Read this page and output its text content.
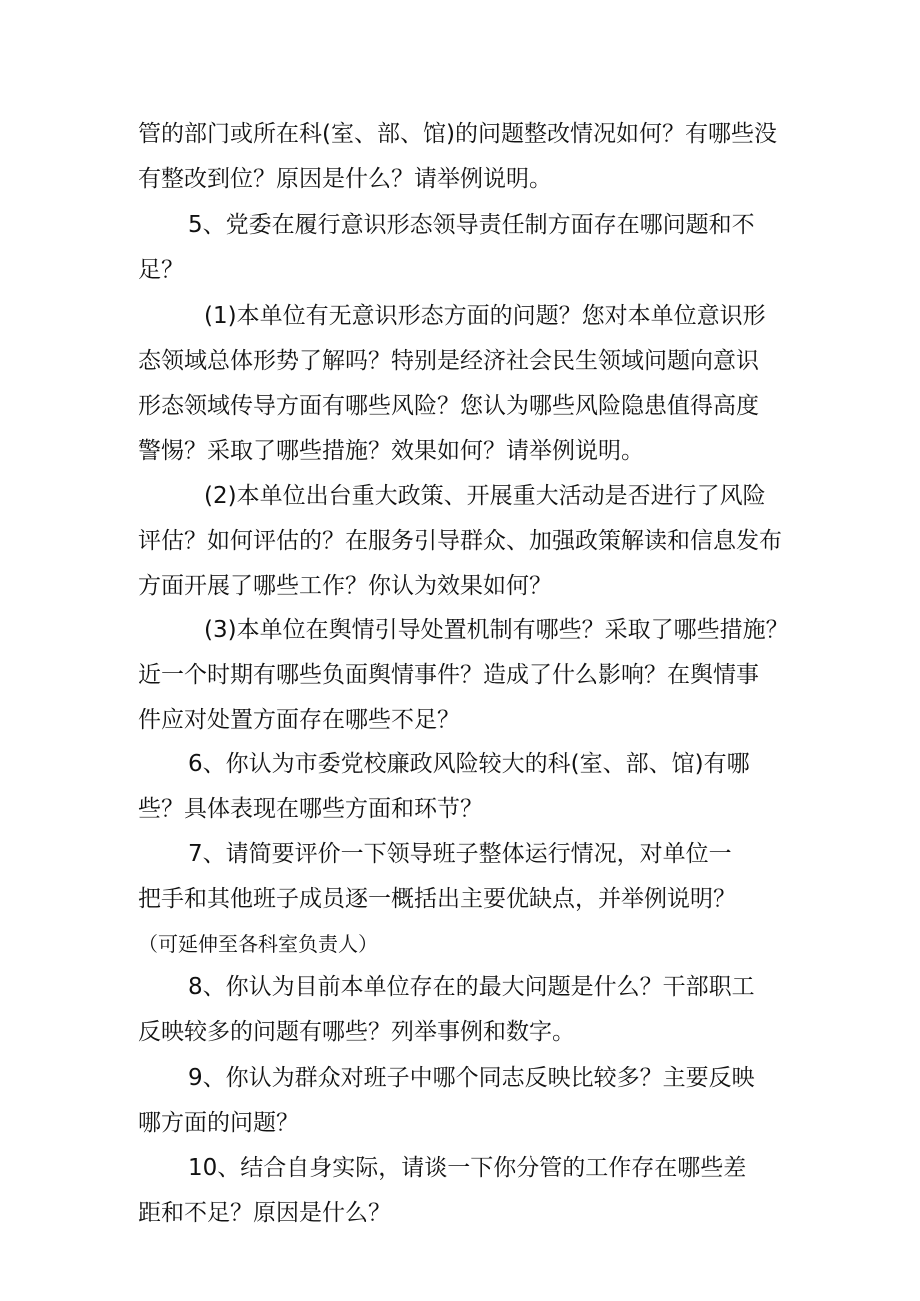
管的部门或所在科(室、部、馆)的问题整改情况如何？有哪些没
有整改到位？原因是什么？请举例说明。

5、党委在履行意识形态领导责任制方面存在哪问题和不
足？

(1)本单位有无意识形态方面的问题？您对本单位意识形
态领域总体形势了解吗？特别是经济社会民生领域问题向意识
形态领域传导方面有哪些风险？您认为哪些风险隐患值得高度
警惕？采取了哪些措施？效果如何？请举例说明。

(2)本单位出台重大政策、开展重大活动是否进行了风险
评估？如何评估的？在服务引导群众、加强政策解读和信息发布
方面开展了哪些工作？你认为效果如何？

(3)本单位在舆情引导处置机制有哪些？采取了哪些措施？
近一个时期有哪些负面舆情事件？造成了什么影响？在舆情事
件应对处置方面存在哪些不足？

6、你认为市委党校廉政风险较大的科(室、部、馆)有哪
些？具体表现在哪些方面和环节？

7、请简要评价一下领导班子整体运行情况，对单位一
把手和其他班子成员逐一概括出主要优缺点，并举例说明？
（可延伸至各科室负责人）

8、你认为目前本单位存在的最大问题是什么？干部职工
反映较多的问题有哪些？列举事例和数字。

9、你认为群众对班子中哪个同志反映比较多？主要反映
哪方面的问题？

10、结合自身实际，请谈一下你分管的工作存在哪些差
距和不足？原因是什么？
